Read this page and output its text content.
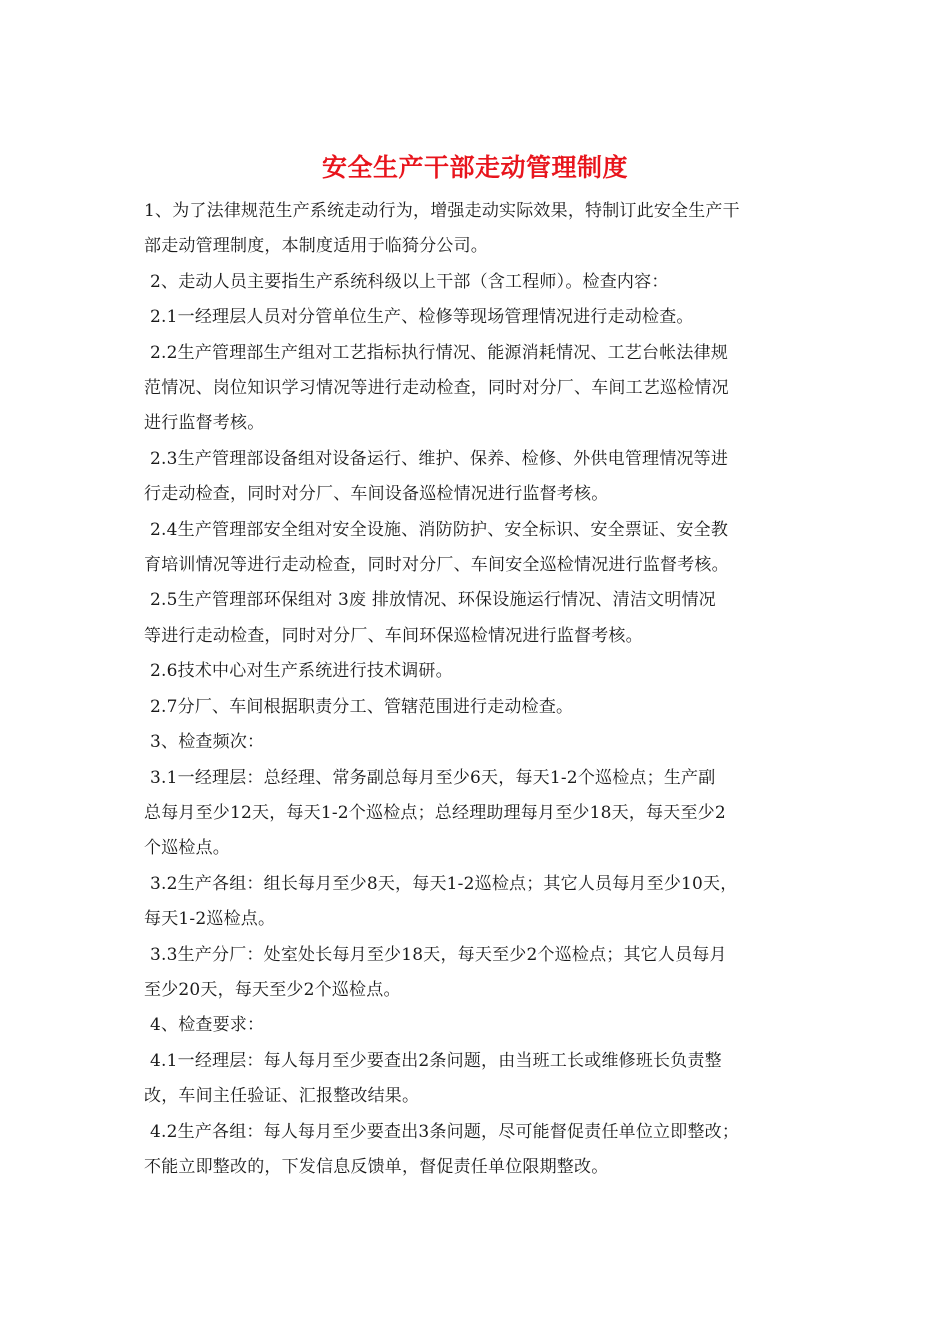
安全生产干部走动管理制度

1、为了法律规范生产系统走动行为，增强走动实际效果，特制订此安全生产干
部走动管理制度，本制度适用于临猗分公司。

2、走动人员主要指生产系统科级以上干部（含工程师）。检查内容：

2.1一经理层人员对分管单位生产、检修等现场管理情况进行走动检查。

2.2生产管理部生产组对工艺指标执行情况、能源消耗情况、工艺台帐法律规
范情况、岗位知识学习情况等进行走动检查，同时对分厂、车间工艺巡检情况
进行监督考核。

2.3生产管理部设备组对设备运行、维护、保养、检修、外供电管理情况等进
行走动检查，同时对分厂、车间设备巡检情况进行监督考核。

2.4生产管理部安全组对安全设施、消防防护、安全标识、安全票证、安全教
育培训情况等进行走动检查，同时对分厂、车间安全巡检情况进行监督考核。

2.5生产管理部环保组对 3废 排放情况、环保设施运行情况、清洁文明情况
等进行走动检查，同时对分厂、车间环保巡检情况进行监督考核。

2.6技术中心对生产系统进行技术调研。

2.7分厂、车间根据职责分工、管辖范围进行走动检查。

3、检查频次：

3.1一经理层：总经理、常务副总每月至少6天，每天1-2个巡检点；生产副
总每月至少12天，每天1-2个巡检点；总经理助理每月至少18天，每天至少2
个巡检点。

3.2生产各组：组长每月至少8天，每天1-2巡检点；其它人员每月至少10天，
每天1-2巡检点。

3.3生产分厂：处室处长每月至少18天，每天至少2个巡检点；其它人员每月
至少20天，每天至少2个巡检点。

4、检查要求：

4.1一经理层：每人每月至少要查出2条问题，由当班工长或维修班长负责整
改，车间主任验证、汇报整改结果。

4.2生产各组：每人每月至少要查出3条问题，尽可能督促责任单位立即整改；
不能立即整改的，下发信息反馈单，督促责任单位限期整改。
